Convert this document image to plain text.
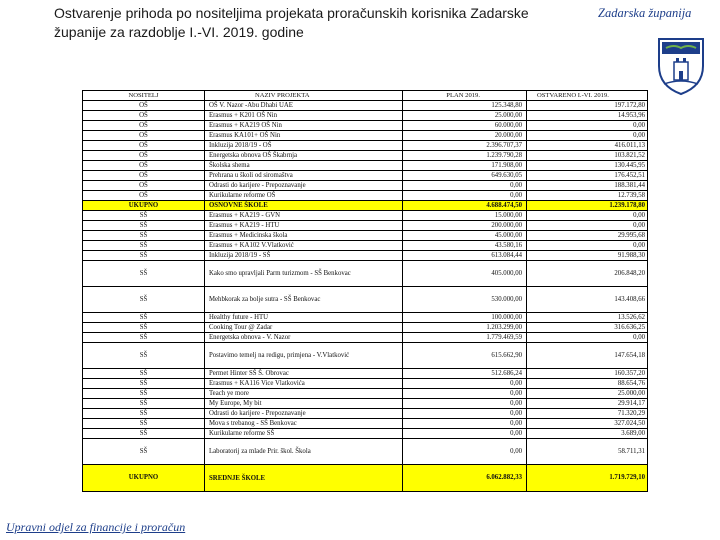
Ostvarenje prihoda po nositeljima projekata proračunskih korisnika Zadarske županije za razdoblje I.-VI. 2019. godine
Zadarska županija
NOSITELJ	NAZIV PROJEKTA	PLAN 2019.	OSTVARENO I.-VI. 2019.
OŠ	OŠ V. Nazor -Abu Dhabi UAE	125.348,80	197.172,80
OŠ	Erasmus + K201 OŠ Nin	25.000,00	14.953,96
OŠ	Erasmus + KA219 OŠ Nin	60.000,00	0,00
OŠ	Erasmus KA101+ OŠ Nin	20.000,00	0,00
OŠ	Inkluzija 2018/19 - OŠ	2.396.707,37	416.011,13
OŠ	Energetska obnova OŠ Škabrnja	1.239.790,28	103.821,52
OŠ	Školska shema	171.908,00	130.445,95
OŠ	Prehrana u školi od siromaštva	649.630,05	176.452,51
OŠ	Odrasti do karijere - Prepoznavanje	0,00	188.381,44
OŠ	Kurikularne reforme OŠ	0,00	12.739,58
UKUPNO	OSNOVNE ŠKOLE	4.688.474,50	1.239.178,80
SŠ	Erasmus + KA219 - GVN	15.000,00	0,00
SŠ	Erasmus + KA219 - HTU	200.000,00	0,00
SŠ	Erasmus + Medicinska škola	45.000,00	29.995,68
SŠ	Erasmus + KA102 V.Vlatković	43.580,16	0,00
SŠ	Inkluzija 2018/19 - SŠ	613.084,44	91.988,30
SŠ	Kako smo upravljali Parm turizmom - SŠ Benkovac	405.000,00	206.848,20
SŠ	Mehbkorak za bolje sutra - SŠ Benkovac	530.000,00	143.408,66
SŠ	Healthy future - HTU	100.000,00	13.526,62
SŠ	Cooking Tour @ Zadar	1.203.299,00	316.636,25
SŠ	Energetska obnova - V. Nazor	1.779.469,59	0,00
SŠ	Postavimo temelj na redigu, primjena - V.Vlatković	615.662,90	147.654,18
SŠ	Permet Hinter SŠ Š. Obrovac	512.686,24	160.357,20
SŠ	Erasmus + KA116 Vice Vlatkovića	0,00	88.654,76
SŠ	Teach ye more	0,00	25.000,00
SŠ	My Europe, My bit	0,00	29.914,17
SŠ	Odrasti do karijere - Prepoznavanje	0,00	71.320,29
SŠ	Mova s trebanog - SŠ Benkovac	0,00	327.024,50
SŠ	Kurikularne reforme SŠ	0,00	3.689,00
SŠ	Laboratorij za mlade Prir. škol. Škola	0,00	58.711,31
UKUPNO	SREDNJE ŠKOLE	6.062.882,33	1.719.729,10
Upravni odjel za financije i proračun
